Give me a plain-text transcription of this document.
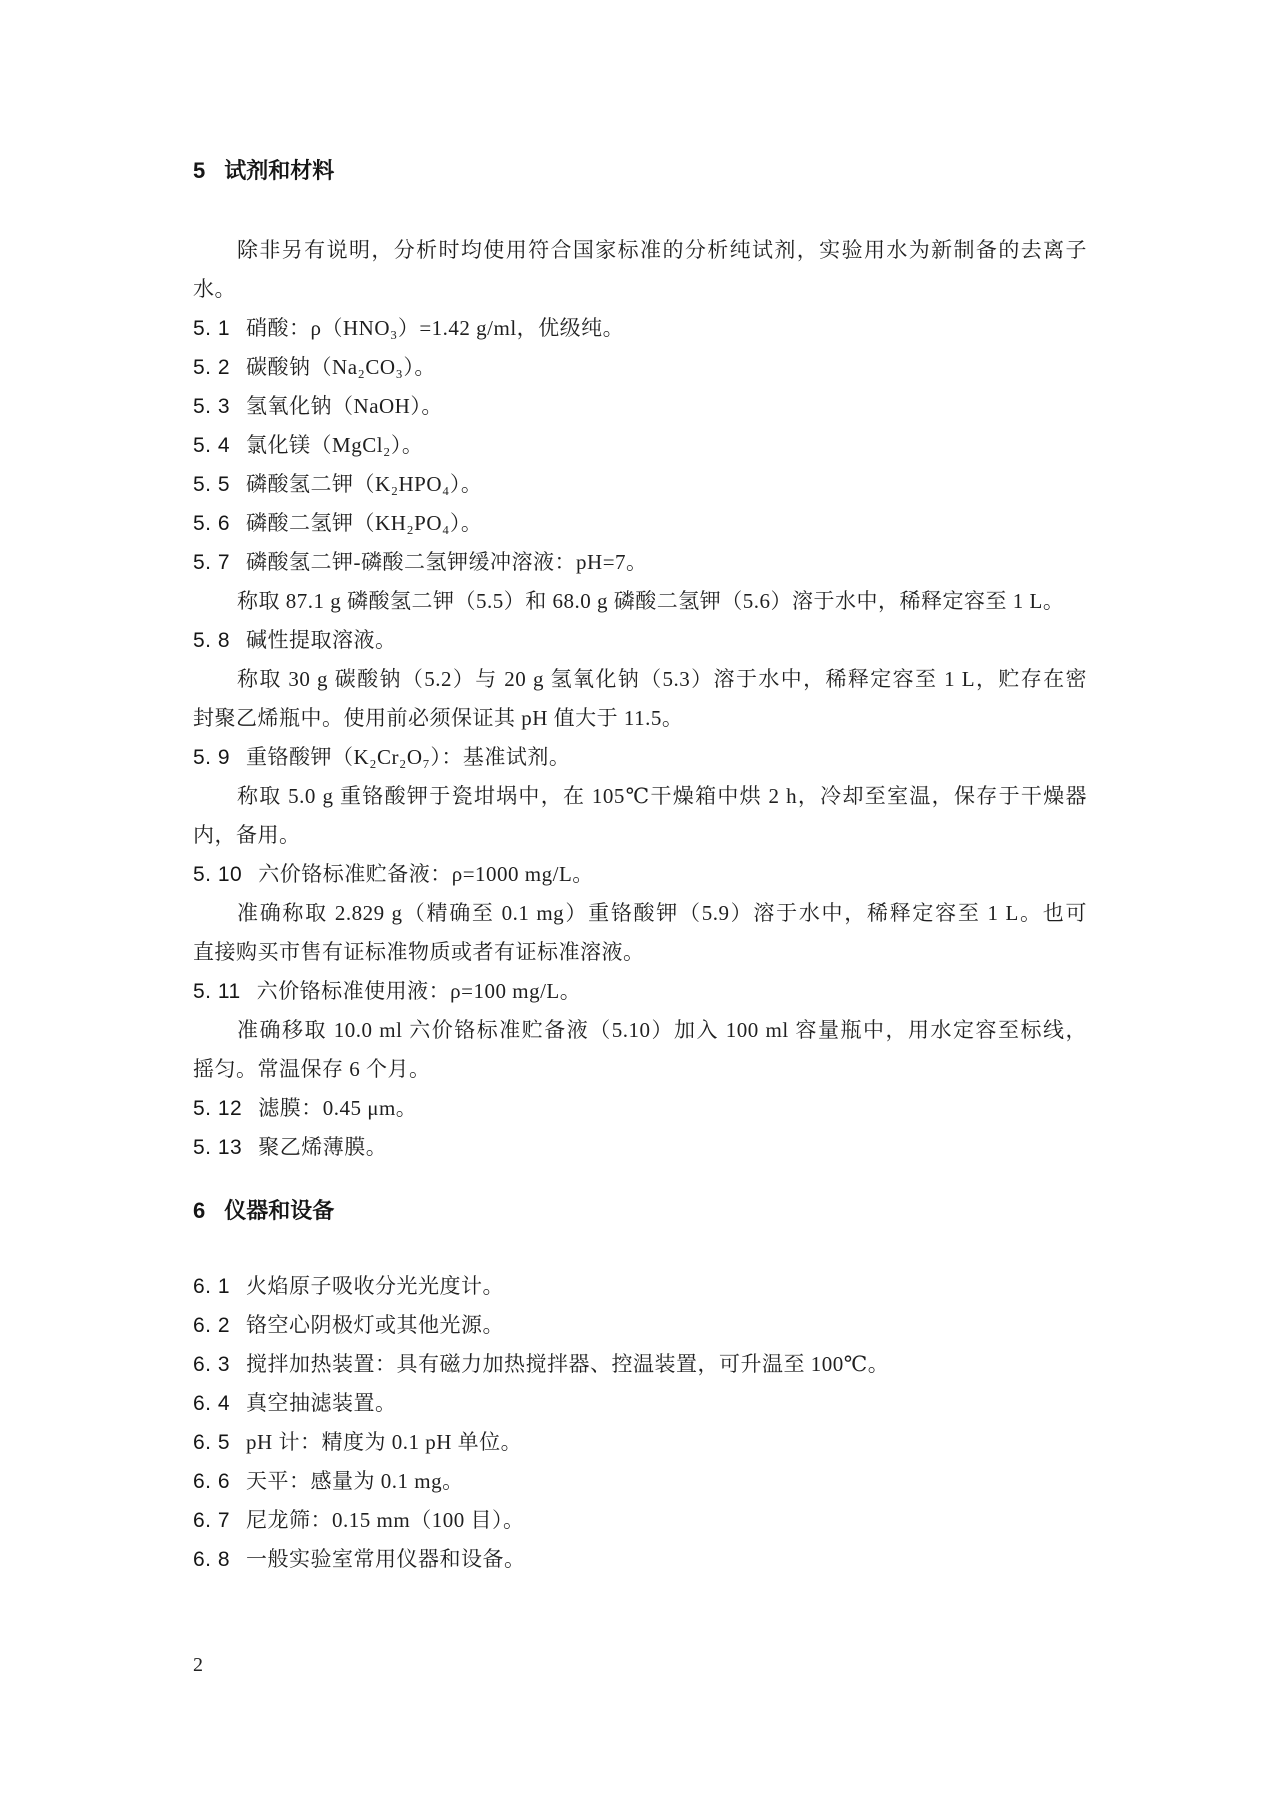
5 试剂和材料
除非另有说明，分析时均使用符合国家标准的分析纯试剂，实验用水为新制备的去离子
水。
5. 1 硝酸：ρ（HNO₃）=1.42 g/ml，优级纯。
5. 2 碳酸钠（Na₂CO₃）。
5. 3 氢氧化钠（NaOH）。
5. 4 氯化镁（MgCl₂）。
5. 5 磷酸氢二钾（K₂HPO₄）。
5. 6 磷酸二氢钾（KH₂PO₄）。
5. 7 磷酸氢二钾-磷酸二氢钾缓冲溶液：pH=7。
称取 87.1 g 磷酸氢二钾（5.5）和 68.0 g 磷酸二氢钾（5.6）溶于水中，稀释定容至 1 L。
5. 8 碱性提取溶液。
称取 30 g 碳酸钠（5.2）与 20 g 氢氧化钠（5.3）溶于水中，稀释定容至 1 L，贮存在密
封聚乙烯瓶中。使用前必须保证其 pH 值大于 11.5。
5. 9 重铬酸钾（K₂Cr₂O₇）：基准试剂。
称取 5.0 g 重铬酸钾于瓷坩埚中，在 105℃干燥箱中烘 2 h，冷却至室温，保存于干燥器
内，备用。
5. 10 六价铬标准贮备液：ρ=1000 mg/L。
准确称取 2.829 g（精确至 0.1 mg）重铬酸钾（5.9）溶于水中，稀释定容至 1 L。也可
直接购买市售有证标准物质或者有证标准溶液。
5. 11 六价铬标准使用液：ρ=100 mg/L。
准确移取 10.0 ml 六价铬标准贮备液（5.10）加入 100 ml 容量瓶中，用水定容至标线，
摇匀。常温保存 6 个月。
5. 12 滤膜：0.45 μm。
5. 13 聚乙烯薄膜。
6 仪器和设备
6. 1 火焰原子吸收分光光度计。
6. 2 铬空心阴极灯或其他光源。
6. 3 搅拌加热装置：具有磁力加热搅拌器、控温装置，可升温至 100℃。
6. 4 真空抽滤装置。
6. 5 pH 计：精度为 0.1 pH 单位。
6. 6 天平：感量为 0.1 mg。
6. 7 尼龙筛：0.15 mm（100 目）。
6. 8 一般实验室常用仪器和设备。
2
